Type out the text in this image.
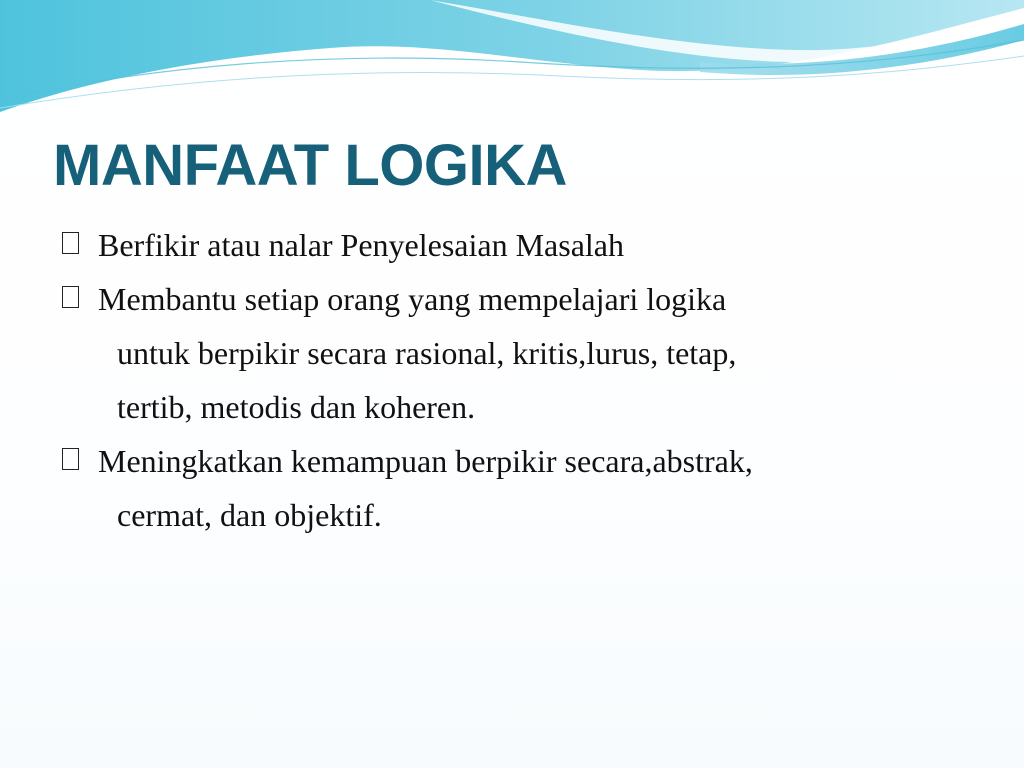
MANFAAT LOGIKA
Berfikir atau nalar Penyelesaian Masalah
Membantu setiap orang yang mempelajari logika
untuk berpikir secara rasional, kritis,lurus, tetap,
tertib, metodis dan koheren.
Meningkatkan kemampuan berpikir secara,abstrak,
cermat, dan objektif.
